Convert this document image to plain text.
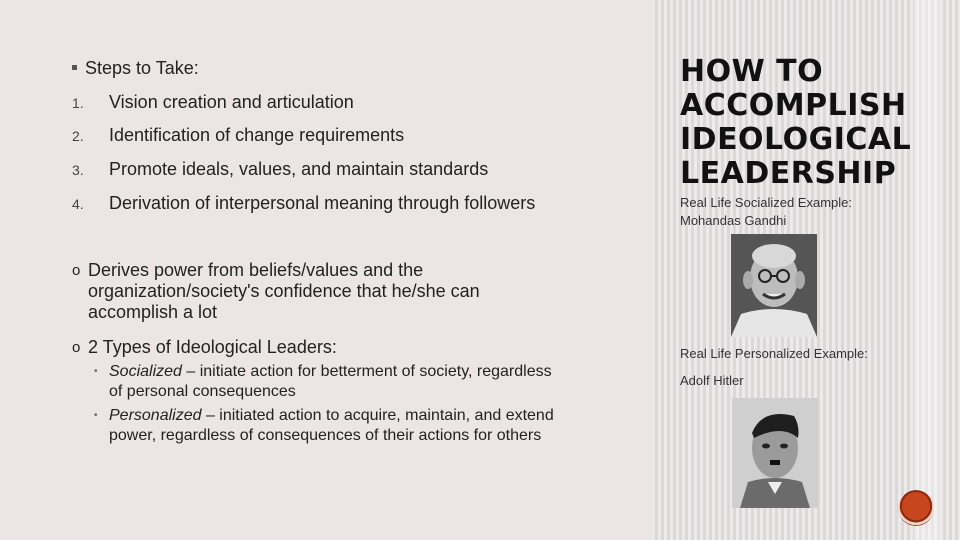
Steps to Take:
1. Vision creation and articulation
2. Identification of change requirements
3. Promote ideals, values, and maintain standards
4. Derivation of interpersonal meaning through followers
o Derives power from beliefs/values and the organization/society's confidence that he/she can accomplish a lot
o 2 Types of Ideological Leaders:
• Socialized – initiate action for betterment of society, regardless of personal consequences
• Personalized – initiated action to acquire, maintain, and extend power, regardless of consequences of their actions for others
HOW TO
ACCOMPLISH
IDEOLOGICAL
LEADERSHIP
Real Life Socialized Example:
Mohandas Gandhi
Real Life Personalized Example:
Adolf Hitler
